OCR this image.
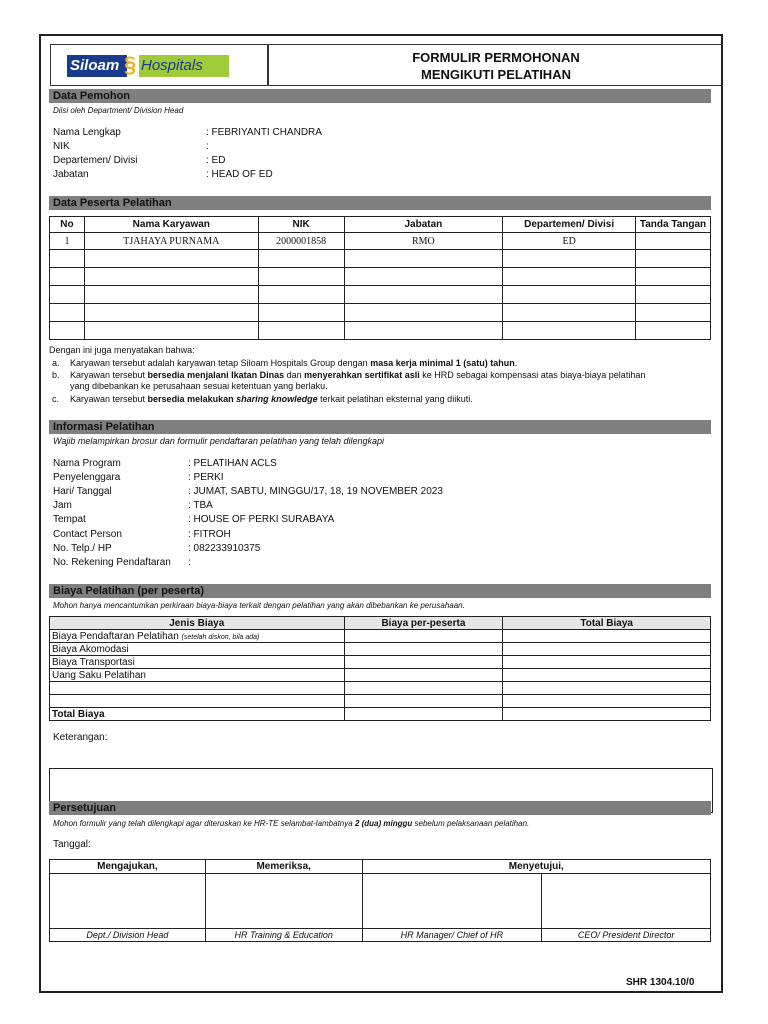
Siloam § Hospitals	FORMULIR PERMOHONAN
MENGIKUTI PELATIHAN
Data Pemohon
Diisi oleh Department/ Division Head
Nama Lengkap	: FEBRIYANTI CHANDRA
NIK	:
Departemen/ Divisi	: ED
Jabatan	: HEAD OF ED
Data Peserta Pelatihan
No	Nama Karyawan	NIK	Jabatan	Departemen/ Divisi	Tanda Tangan
1	TJAHAYA PURNAMA	2000001858	RMO	ED	

Dengan ini juga menyatakan bahwa:
a. Karyawan tersebut adalah karyawan tetap Siloam Hospitals Group dengan masa kerja minimal 1 (satu) tahun.
b. Karyawan tersebut bersedia menjalani Ikatan Dinas dan menyerahkan sertifikat asli ke HRD sebagai kompensasi atas biaya-biaya pelatihan
yang dibebankan ke perusahaan sesuai ketentuan yang berlaku.
c. Karyawan tersebut bersedia melakukan sharing knowledge terkait pelatihan eksternal yang diikuti.
Informasi Pelatihan
Wajib melampirkan brosur dan formulir pendaftaran pelatihan yang telah dilengkapi
Nama Program	: PELATIHAN ACLS
Penyelenggara	: PERKI
Hari/ Tanggal	: JUMAT, SABTU, MINGGU/17, 18, 19 NOVEMBER 2023
Jam	: TBA
Tempat	: HOUSE OF PERKI SURABAYA
Contact Person	: FITROH
No. Telp./ HP	: 082233910375
No. Rekening Pendaftaran :
Biaya Pelatihan (per peserta)
Mohon hanya mencantumkan perkiraan biaya-biaya terkait dengan pelatihan yang akan dibebankan ke perusahaan.
Jenis Biaya	Biaya per-peserta	Total Biaya
Biaya Pendaftaran Pelatihan (setelah diskon, bila ada)		
Biaya Akomodasi		
Biaya Transportasi		
Uang Saku Pelatihan		

Total Biaya		
Keterangan:
Persetujuan
Mohon formulir yang telah dilengkapi agar diteruskan ke HR-TE selambat-lambatnya 2 (dua) minggu sebelum pelaksanaan pelatihan.
Tanggal:
Mengajukan,	Memeriksa,	Menyetujui,	

Dept./ Division Head	HR Training & Education	HR Manager/ Chief of HR	CEO/ President Director
SHR 1304.10/0
